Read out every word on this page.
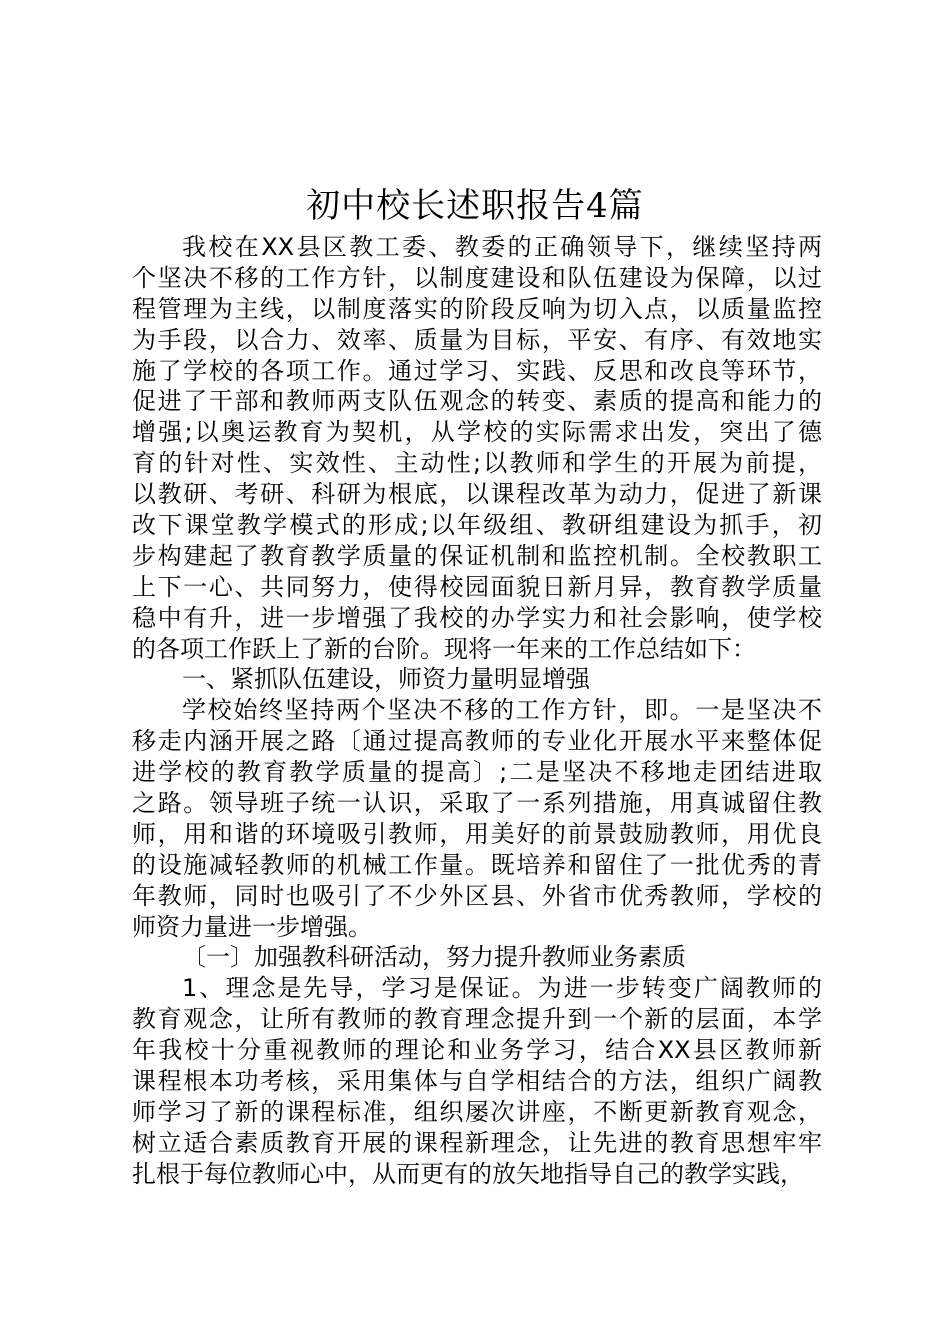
初中校长述职报告4篇
我校在XX县区教工委、教委的正确领导下，继续坚持两
个坚决不移的工作方针，以制度建设和队伍建设为保障，以过
程管理为主线，以制度落实的阶段反响为切入点，以质量监控
为手段，以合力、效率、质量为目标，平安、有序、有效地实
施了学校的各项工作。通过学习、实践、反思和改良等环节，
促进了干部和教师两支队伍观念的转变、素质的提高和能力的
增强;以奥运教育为契机，从学校的实际需求出发，突出了德
育的针对性、实效性、主动性;以教师和学生的开展为前提，
以教研、考研、科研为根底，以课程改革为动力，促进了新课
改下课堂教学模式的形成;以年级组、教研组建设为抓手，初
步构建起了教育教学质量的保证机制和监控机制。全校教职工
上下一心、共同努力，使得校园面貌日新月异，教育教学质量
稳中有升，进一步增强了我校的办学实力和社会影响，使学校
的各项工作跃上了新的台阶。现将一年来的工作总结如下：
一、紧抓队伍建设，师资力量明显增强
学校始终坚持两个坚决不移的工作方针，即。一是坚决不
移走内涵开展之路〔通过提高教师的专业化开展水平来整体促
进学校的教育教学质量的提高〕;二是坚决不移地走团结进取
之路。领导班子统一认识，采取了一系列措施，用真诚留住教
师，用和谐的环境吸引教师，用美好的前景鼓励教师，用优良
的设施减轻教师的机械工作量。既培养和留住了一批优秀的青
年教师，同时也吸引了不少外区县、外省市优秀教师，学校的
师资力量进一步增强。
〔一〕加强教科研活动，努力提升教师业务素质
1、理念是先导，学习是保证。为进一步转变广阔教师的
教育观念，让所有教师的教育理念提升到一个新的层面，本学
年我校十分重视教师的理论和业务学习，结合XX县区教师新
课程根本功考核，采用集体与自学相结合的方法，组织广阔教
师学习了新的课程标准，组织屡次讲座，不断更新教育观念，
树立适合素质教育开展的课程新理念，让先进的教育思想牢牢
扎根于每位教师心中，从而更有的放矢地指导自己的教学实践，
